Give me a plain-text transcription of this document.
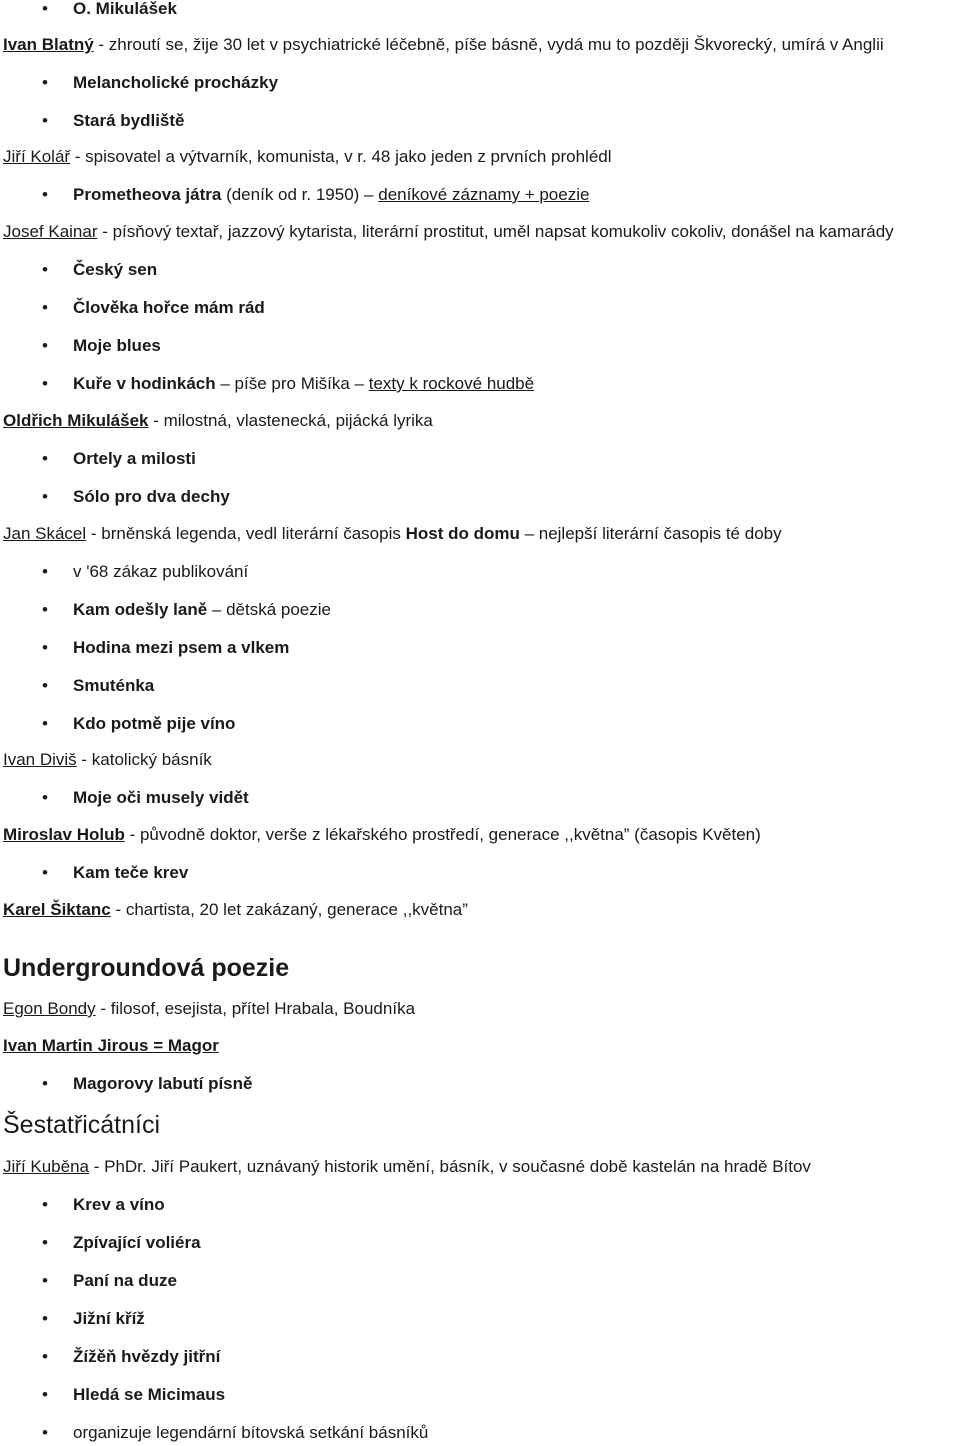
• O. Mikulášek
Ivan Blatný - zhroutí se, žije 30 let v psychiatrické léčebně, píše básně, vydá mu to později Škvorecký, umírá v Anglii
• Melancholické procházky
• Stará bydliště
Jiří Kolář - spisovatel a výtvarník, komunista, v r. 48 jako jeden z prvních prohlédl
• Prometheova játra (deník od r. 1950) – deníkové záznamy + poezie
Josef Kainar - písňový textař, jazzový kytarista, literární prostitut, uměl napsat komukoliv cokoliv, donášel na kamarády
• Český sen
• Člověka hořce mám rád
• Moje blues
• Kuře v hodinkách – píše pro Mišíka – texty k rockové hudbě
Oldřich Mikulášek - milostná, vlastenecká, pijácká lyrika
• Ortely a milosti
• Sólo pro dva dechy
Jan Skácel - brněnská legenda, vedl literární časopis Host do domu – nejlepší literární časopis té doby
• v '68 zákaz publikování
• Kam odešly laně – dětská poezie
• Hodina mezi psem a vlkem
• Smuténka
• Kdo potmě pije víno
Ivan Diviš - katolický básník
• Moje oči musely vidět
Miroslav Holub - původně doktor, verše z lékařského prostředí, generace ,,května” (časopis Květen)
• Kam teče krev
Karel Šiktanc - chartista, 20 let zakázaný, generace ,,května”
Undergroundová poezie
Egon Bondy - filosof, esejista, přítel Hrabala, Boudníka
Ivan Martin Jirous = Magor
• Magorovy labutí písně
Šestatřicátníci
Jiří Kuběna - PhDr. Jiří Paukert, uznávaný historik umění, básník, v současné době kastelán na hradě Bítov
• Krev a víno
• Zpívající voliéra
• Paní na duze
• Jižní kříž
• Žížěň hvězdy jitřní
• Hledá se Micimaus
• organizuje legendární bítovská setkání básníků
